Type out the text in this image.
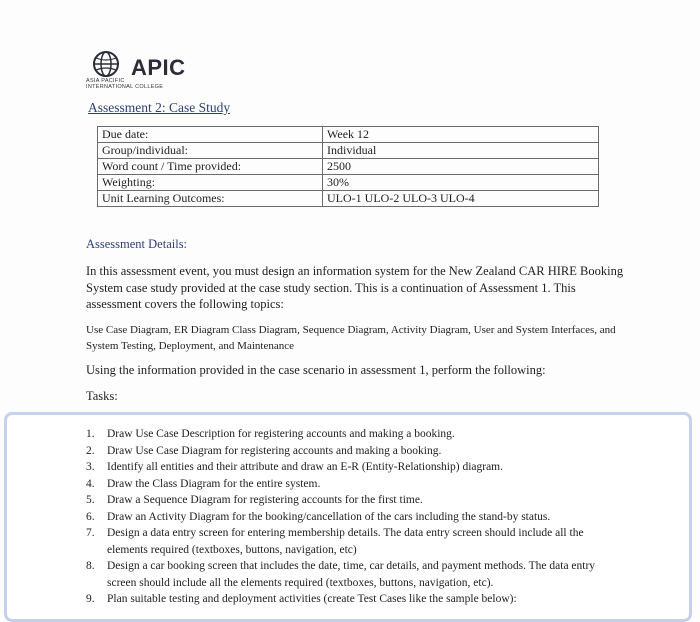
APIC
ASIA PACIFIC
INTERNATIONAL COLLEGE
Assessment 2: Case Study
Due date:	Week 12
Group/individual:	Individual
Word count / Time provided:	2500
Weighting:	30%
Unit Learning Outcomes:	ULO-1 ULO-2 ULO-3 ULO-4
Assessment Details:
In this assessment event, you must design an information system for the New Zealand CAR HIRE Booking System case study provided at the case study section. This is a continuation of Assessment 1. This assessment covers the following topics:
Use Case Diagram, ER Diagram Class Diagram, Sequence Diagram, Activity Diagram, User and System Interfaces, and System Testing, Deployment, and Maintenance
Using the information provided in the case scenario in assessment 1, perform the following:
Tasks:
1. Draw Use Case Description for registering accounts and making a booking.
2. Draw Use Case Diagram for registering accounts and making a booking.
3. Identify all entities and their attribute and draw an E-R (Entity-Relationship) diagram.
4. Draw the Class Diagram for the entire system.
5. Draw a Sequence Diagram for registering accounts for the first time.
6. Draw an Activity Diagram for the booking/cancellation of the cars including the stand-by status.
7. Design a data entry screen for entering membership details. The data entry screen should include all the elements required (textboxes, buttons, navigation, etc)
8. Design a car booking screen that includes the date, time, car details, and payment methods. The data entry screen should include all the elements required (textboxes, buttons, navigation, etc).
9. Plan suitable testing and deployment activities (create Test Cases like the sample below):
